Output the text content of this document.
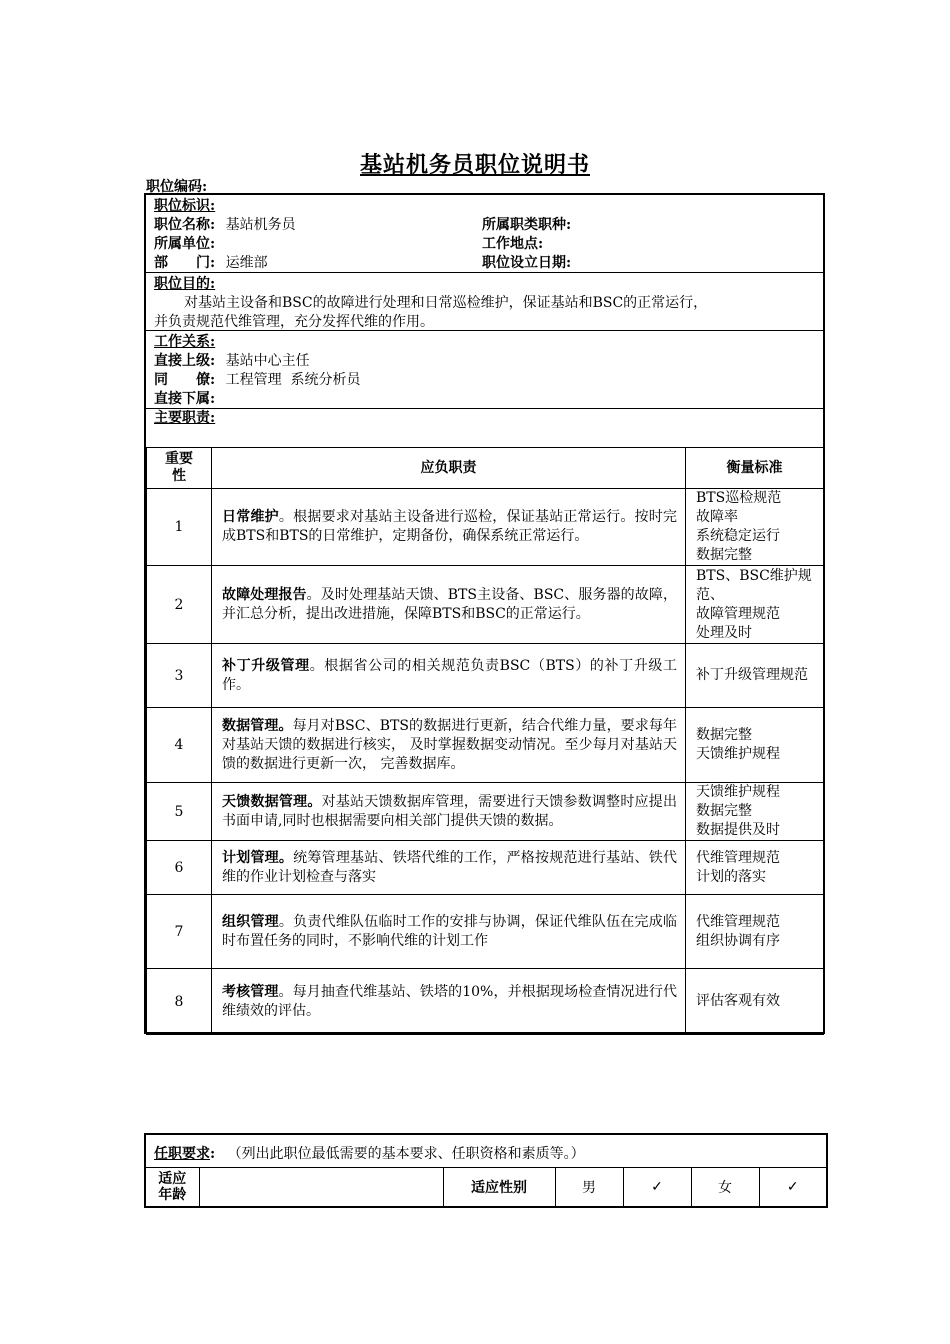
基站机务员职位说明书
职位编码:
职位标识:
职位名称: 基站机务员
所属单位:
部　　门: 运维部
所属职类职种:
工作地点:
职位设立日期:
职位目的:
对基站主设备和BSC的故障进行处理和日常巡检维护，保证基站和BSC的正常运行，
并负责规范代维管理，充分发挥代维的作用。
工作关系:
直接上级: 基站中心主任
同　　僚: 工程管理  系统分析员
直接下属:
主要职责:
重要性	应负职责	衡量标准
1	日常维护。根据要求对基站主设备进行巡检，保证基站正常运行。按时完成BTS和BTS的日常维护，定期备份，确保系统正常运行。	BTS巡检规范
故障率
系统稳定运行
数据完整

2	故障处理报告。及时处理基站天馈、BTS主设备、BSC、服务器的故障，并汇总分析，提出改进措施，保障BTS和BSC的正常运行。	BTS、BSC维护规范、
故障管理规范
处理及时

3	补丁升级管理。根据省公司的相关规范负责BSC（BTS）的补丁升级工作。	补丁升级管理规范

4	数据管理。每月对BSC、BTS的数据进行更新，结合代维力量，要求每年对基站天馈的数据进行核实， 及时掌握数据变动情况。至少每月对基站天馈的数据进行更新一次， 完善数据库。	数据完整
天馈维护规程

5	天馈数据管理。对基站天馈数据库管理，需要进行天馈参数调整时应提出书面申请,同时也根据需要向相关部门提供天馈的数据。	天馈维护规程
数据完整
数据提供及时

6	计划管理。统筹管理基站、铁塔代维的工作，严格按规范进行基站、铁代维的作业计划检查与落实	代维管理规范
计划的落实

7	组织管理。负责代维队伍临时工作的安排与协调，保证代维队伍在完成临时布置任务的同时，不影响代维的计划工作	代维管理规范
组织协调有序

8	考核管理。每月抽查代维基站、铁塔的10%，并根据现场检查情况进行代维绩效的评估。	评估客观有效
任职要求: （列出此职位最低需要的基本要求、任职资格和素质等。）
适应年龄		适应性别	男	✓	女	✓
